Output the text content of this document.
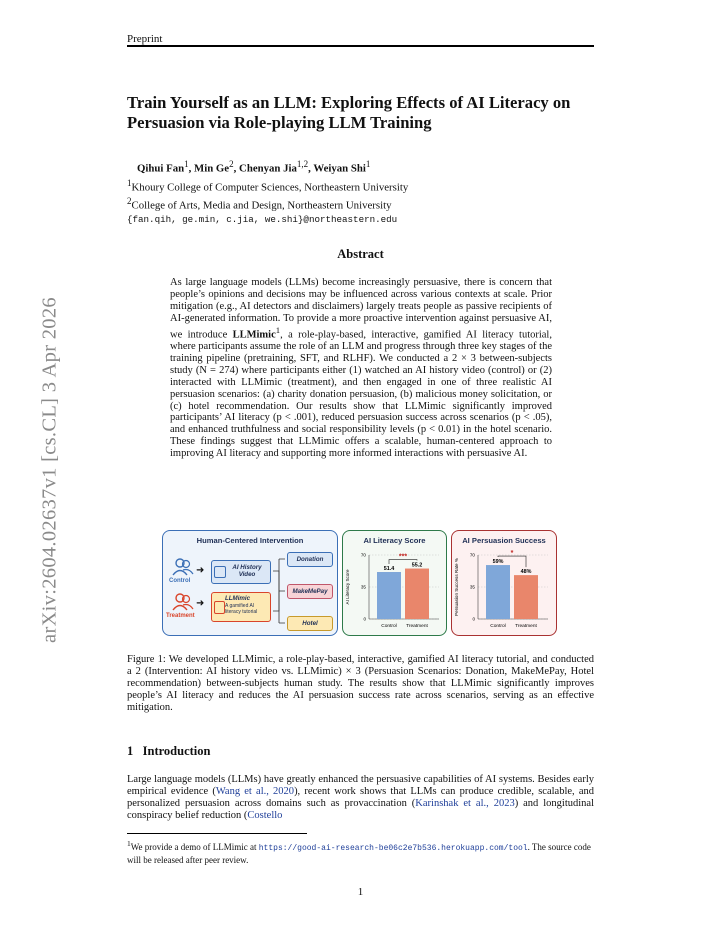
arXiv:2604.02637v1 [cs.CL] 3 Apr 2026
Preprint
Train Yourself as an LLM: Exploring Effects of AI Literacy on Persuasion via Role-playing LLM Training
Qihui Fan$^1$, Min Ge$^2$, Chenyan Jia$^{1,2}$, Weiyan Shi$^1$
$^1$Khoury College of Computer Sciences, Northeastern University
$^2$College of Arts, Media and Design, Northeastern University
{fan.qih, ge.min, c.jia, we.shi}@northeastern.edu
Abstract
As large language models (LLMs) become increasingly persuasive, there is concern that people’s opinions and decisions may be influenced across various contexts at scale. Prior mitigation (e.g., AI detectors and disclaimers) largely treats people as passive recipients of AI-generated information. To provide a more proactive intervention against persuasive AI, we introduce LLMimic$^1$, a role-play-based, interactive, gamified AI literacy tutorial, where participants assume the role of an LLM and progress through three key stages of the training pipeline (pretraining, SFT, and RLHF). We conducted a 2 × 3 between-subjects study (N = 274) where participants either (1) watched an AI history video (control) or (2) interacted with LLMimic (treatment), and then engaged in one of three realistic AI persuasion scenarios: (a) charity donation persuasion, (b) malicious money solicitation, or (c) hotel recommendation. Our results show that LLMimic significantly improved participants’ AI literacy (p < .001), reduced persuasion success across scenarios (p < .05), and enhanced truthfulness and social responsibility levels (p < 0.01) in the hotel scenario. These findings suggest that LLMimic offers a scalable, human-centered approach to improving AI literacy and supporting more informed interactions with persuasive AI.
Human-Centered Intervention
Control
Treatment
➜
➜
AI History Video
LLMimic
A gamified AI literacy tutorial
Donation
MakeMePay
Hotel
AI Literacy Score
AI Literacy Score
0
35
70
51.4
Control
55.2
Treatment
***
AI Persuasion Success
Persuasion Success Rate %
0
35
70
59%
Control
48%
Treatment
*
Figure 1: We developed LLMimic, a role-play-based, interactive, gamified AI literacy tutorial, and conducted a 2 (Intervention: AI history video vs. LLMimic) × 3 (Persuasion Scenarios: Donation, MakeMePay, Hotel recommendation) between-subjects human study. The results show that LLMimic significantly improves people’s AI literacy and reduces the AI persuasion success rate across scenarios, serving as an effective mitigation.
1 Introduction
Large language models (LLMs) have greatly enhanced the persuasive capabilities of AI systems. Besides early empirical evidence (Wang et al., 2020), recent work shows that LLMs can produce credible, scalable, and personalized persuasion across domains such as provaccination (Karinshak et al., 2023) and longitudinal conspiracy belief reduction (Costello
$^1$We provide a demo of LLMimic at https://good-ai-research-be06c2e7b536.herokuapp.com/tool. The source code will be released after peer review.
1
